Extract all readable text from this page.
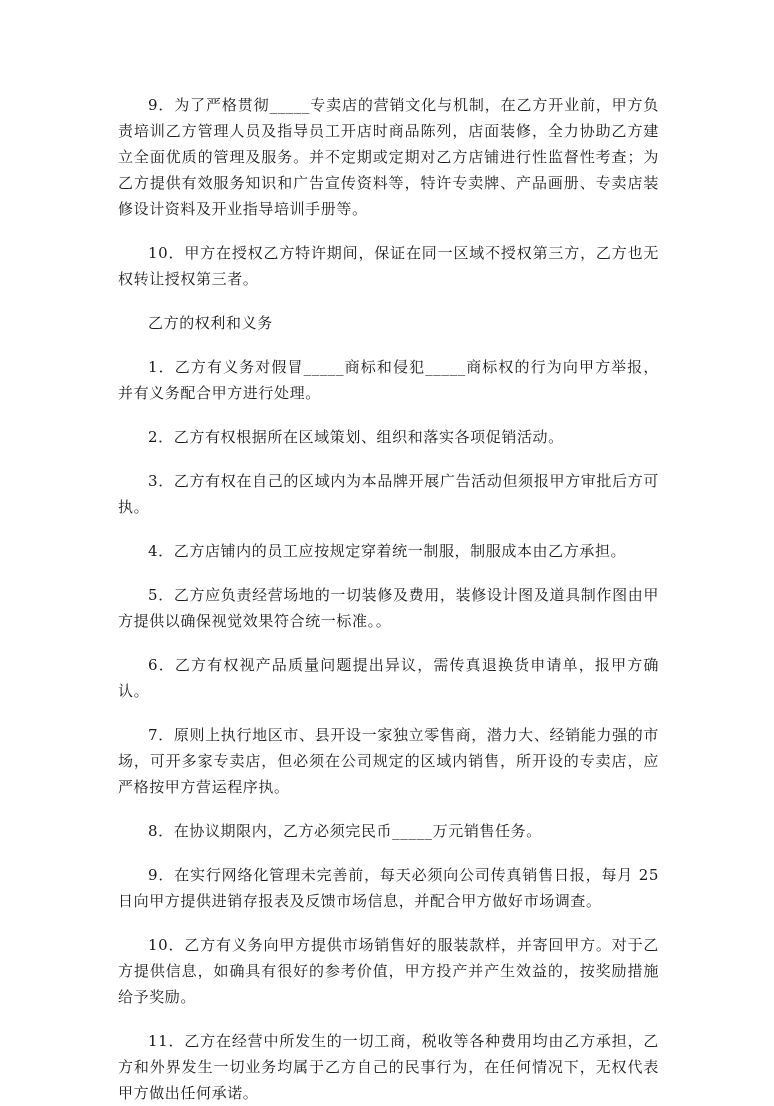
9．为了严格贯彻_____专卖店的营销文化与机制，在乙方开业前，甲方负责培训乙方管理人员及指导员工开店时商品陈列，店面装修，全力协助乙方建立全面优质的管理及服务。并不定期或定期对乙方店铺进行性监督性考查；为乙方提供有效服务知识和广告宣传资料等，特许专卖牌、产品画册、专卖店装修设计资料及开业指导培训手册等。

10．甲方在授权乙方特许期间，保证在同一区域不授权第三方，乙方也无权转让授权第三者。

乙方的权利和义务

1．乙方有义务对假冒_____商标和侵犯_____商标权的行为向甲方举报，并有义务配合甲方进行处理。

2．乙方有权根据所在区域策划、组织和落实各项促销活动。

3．乙方有权在自己的区域内为本品牌开展广告活动但须报甲方审批后方可执。

4．乙方店铺内的员工应按规定穿着统一制服，制服成本由乙方承担。

5．乙方应负责经营场地的一切装修及费用，装修设计图及道具制作图由甲方提供以确保视觉效果符合统一标准。。

6．乙方有权视产品质量问题提出异议，需传真退换货申请单，报甲方确认。

7．原则上执行地区市、县开设一家独立零售商，潜力大、经销能力强的市场，可开多家专卖店，但必须在公司规定的区域内销售，所开设的专卖店，应严格按甲方营运程序执。

8．在协议期限内，乙方必须完民币_____万元销售任务。

9．在实行网络化管理未完善前，每天必须向公司传真销售日报，每月 25 日向甲方提供进销存报表及反馈市场信息，并配合甲方做好市场调查。

10．乙方有义务向甲方提供市场销售好的服装款样，并寄回甲方。对于乙方提供信息，如确具有很好的参考价值，甲方投产并产生效益的，按奖励措施给予奖励。

11．乙方在经营中所发生的一切工商，税收等各种费用均由乙方承担，乙方和外界发生一切业务均属于乙方自己的民事行为，在任何情况下，无权代表甲方做出任何承诺。
